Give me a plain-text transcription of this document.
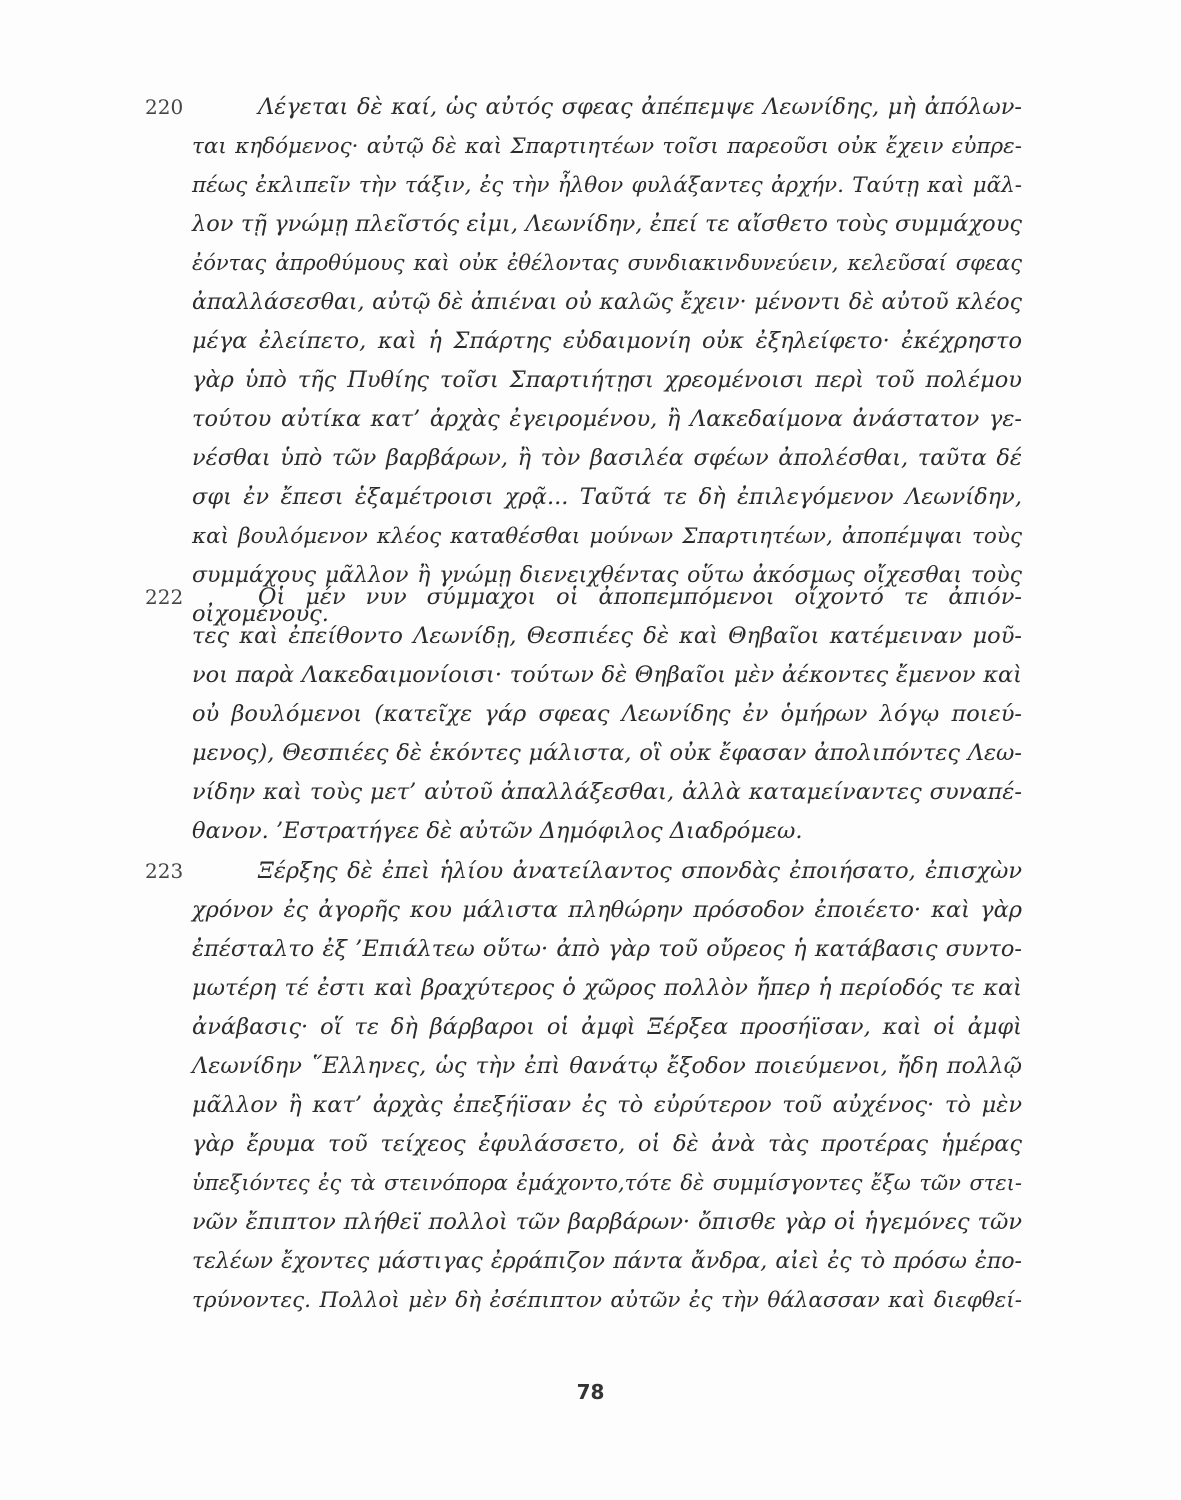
220	Λέγεται δὲ καί, ὡς αὐτός σφεας ἀπέπεμψε Λεωνίδης, μὴ ἀπόλων-
ται κηδόμενος· αὐτῷ δὲ καὶ Σπαρτιητέων τοῖσι παρεοῦσι οὐκ ἔχειν εὐπρε-
πέως ἐκλιπεῖν τὴν τάξιν, ἐς τὴν ἦλθον φυλάξαντες ἀρχήν. Ταύτῃ καὶ μᾶλ-
λον τῇ γνώμῃ πλεῖστός εἰμι, Λεωνίδην, ἐπεί τε αἴσθετο τοὺς συμμάχους
ἐόντας ἀπροθύμους καὶ οὐκ ἐθέλοντας συνδιακινδυνεύειν, κελεῦσαί σφεας
ἀπαλλάσεσθαι, αὐτῷ δὲ ἀπιέναι οὐ καλῶς ἔχειν· μένοντι δὲ αὐτοῦ κλέος
μέγα ἐλείπετο, καὶ ἡ Σπάρτης εὐδαιμονίη οὐκ ἐξηλείφετο· ἐκέχρηστο
γὰρ ὑπὸ τῆς Πυθίης τοῖσι Σπαρτιήτῃσι χρεομένοισι περὶ τοῦ πολέμου
τούτου αὐτίκα κατ’ ἀρχὰς ἐγειρομένου, ἢ Λακεδαίμονα ἀνάστατον γε-
νέσθαι ὑπὸ τῶν βαρβάρων, ἢ τὸν βασιλέα σφέων ἀπολέσθαι, ταῦτα δέ
σφι ἐν ἔπεσι ἑξαμέτροισι χρᾷ... Ταῦτά τε δὴ ἐπιλεγόμενον Λεωνίδην,
καὶ βουλόμενον κλέος καταθέσθαι μούνων Σπαρτιητέων, ἀποπέμψαι τοὺς
συμμάχους μᾶλλον ἢ γνώμῃ διενειχθέντας οὕτω ἀκόσμως οἴχεσθαι τοὺς
οἰχομένους.
222	Οἱ μέν νυν σύμμαχοι οἱ ἀποπεμπόμενοι οἴχοντό τε ἀπιόν-
τες καὶ ἐπείθοντο Λεωνίδῃ, Θεσπιέες δὲ καὶ Θηβαῖοι κατέμειναν μοῦ-
νοι παρὰ Λακεδαιμονίοισι· τούτων δὲ Θηβαῖοι μὲν ἀέκοντες ἔμενον καὶ
οὐ βουλόμενοι (κατεῖχε γάρ σφεας Λεωνίδης ἐν ὁμήρων λόγῳ ποιεύ-
μενος), Θεσπιέες δὲ ἑκόντες μάλιστα, οἳ οὐκ ἔφασαν ἀπολιπόντες Λεω-
νίδην καὶ τοὺς μετ’ αὐτοῦ ἀπαλλάξεσθαι, ἀλλὰ καταμείναντες συναπέ-
θανον. ’Εστρατήγεε δὲ αὐτῶν Δημόφιλος Διαδρόμεω.
223	Ξέρξης δὲ ἐπεὶ ἡλίου ἀνατείλαντος σπονδὰς ἐποιήσατο, ἐπισχὼν
χρόνον ἐς ἀγορῆς κου μάλιστα πληθώρην πρόσοδον ἐποιέετο· καὶ γὰρ
ἐπέσταλτο ἐξ ’Επιάλτεω οὕτω· ἀπὸ γὰρ τοῦ οὔρεος ἡ κατάβασις συντο-
μωτέρη τέ ἐστι καὶ βραχύτερος ὁ χῶρος πολλὸν ἤπερ ἡ περίοδός τε καὶ
ἀνάβασις· οἵ τε δὴ βάρβαροι οἱ ἀμφὶ Ξέρξεα προσήϊσαν, καὶ οἱ ἀμφὶ
Λεωνίδην ῞Ελληνες, ὡς τὴν ἐπὶ θανάτῳ ἔξοδον ποιεύμενοι, ἤδη πολλῷ
μᾶλλον ἢ κατ’ ἀρχὰς ἐπεξήϊσαν ἐς τὸ εὐρύτερον τοῦ αὐχένος· τὸ μὲν
γὰρ ἔρυμα τοῦ τείχεος ἐφυλάσσετο, οἱ δὲ ἀνὰ τὰς προτέρας ἡμέρας
ὑπεξιόντες ἐς τὰ στεινόπορα ἐμάχοντο,τότε δὲ συμμίσγοντες ἔξω τῶν στει-
νῶν ἔπιπτον πλήθεϊ πολλοὶ τῶν βαρβάρων· ὄπισθε γὰρ οἱ ἡγεμόνες τῶν
τελέων ἔχοντες μάστιγας ἐρράπιζον πάντα ἄνδρα, αἰεὶ ἐς τὸ πρόσω ἐπο-
τρύνοντες. Πολλοὶ μὲν δὴ ἐσέπιπτον αὐτῶν ἐς τὴν θάλασσαν καὶ διεφθεί-
78
